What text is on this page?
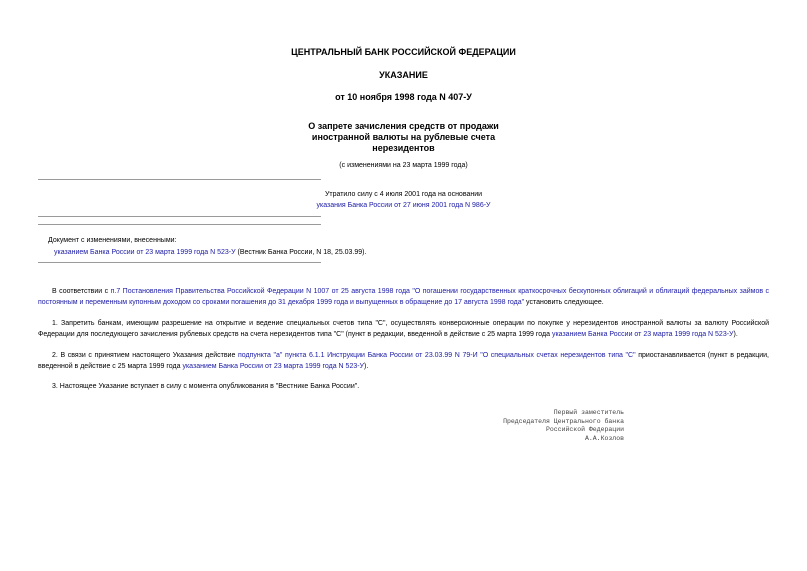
ЦЕНТРАЛЬНЫЙ БАНК РОССИЙСКОЙ ФЕДЕРАЦИИ
УКАЗАНИЕ
от 10 ноября 1998 года N 407-У
О запрете зачисления средств от продажи
иностранной валюты на рублевые счета
нерезидентов
(с изменениями на 23 марта 1999 года)
Утратило силу с 4 июля 2001 года на основании
указания Банка России от 27 июня 2001 года N 986-У
Документ с изменениями, внесенными:
указанием Банка России от 23 марта 1999 года N 523-У (Вестник Банка России, N 18, 25.03.99).
В соответствии с п.7 Постановления Правительства Российской Федерации N 1007 от 25 августа 1998 года "О погашении государственных краткосрочных бескупонных облигаций и облигаций федеральных займов с постоянным и переменным купонным доходом со сроками погашения до 31 декабря 1999 года и выпущенных в обращение до 17 августа 1998 года" установить следующее.
1. Запретить банкам, имеющим разрешение на открытие и ведение специальных счетов типа "С", осуществлять конверсионные операции по покупке у нерезидентов иностранной валюты за валюту Российской Федерации для последующего зачисления рублевых средств на счета нерезидентов типа "С" (пункт в редакции, введенной в действие с 25 марта 1999 года указанием Банка России от 23 марта 1999 года N 523-У).
2. В связи с принятием настоящего Указания действие подпункта "а" пункта 6.1.1 Инструкции Банка России от 23.03.99 N 79-И "О специальных счетах нерезидентов типа "С" приостанавливается (пункт в редакции, введенной в действие с 25 марта 1999 года указанием Банка России от 23 марта 1999 года N 523-У).
3. Настоящее Указание вступает в силу с момента опубликования в "Вестнике Банка России".
Первый заместитель
Председателя Центрального банка
Российской Федерации
А.А.Козлов
